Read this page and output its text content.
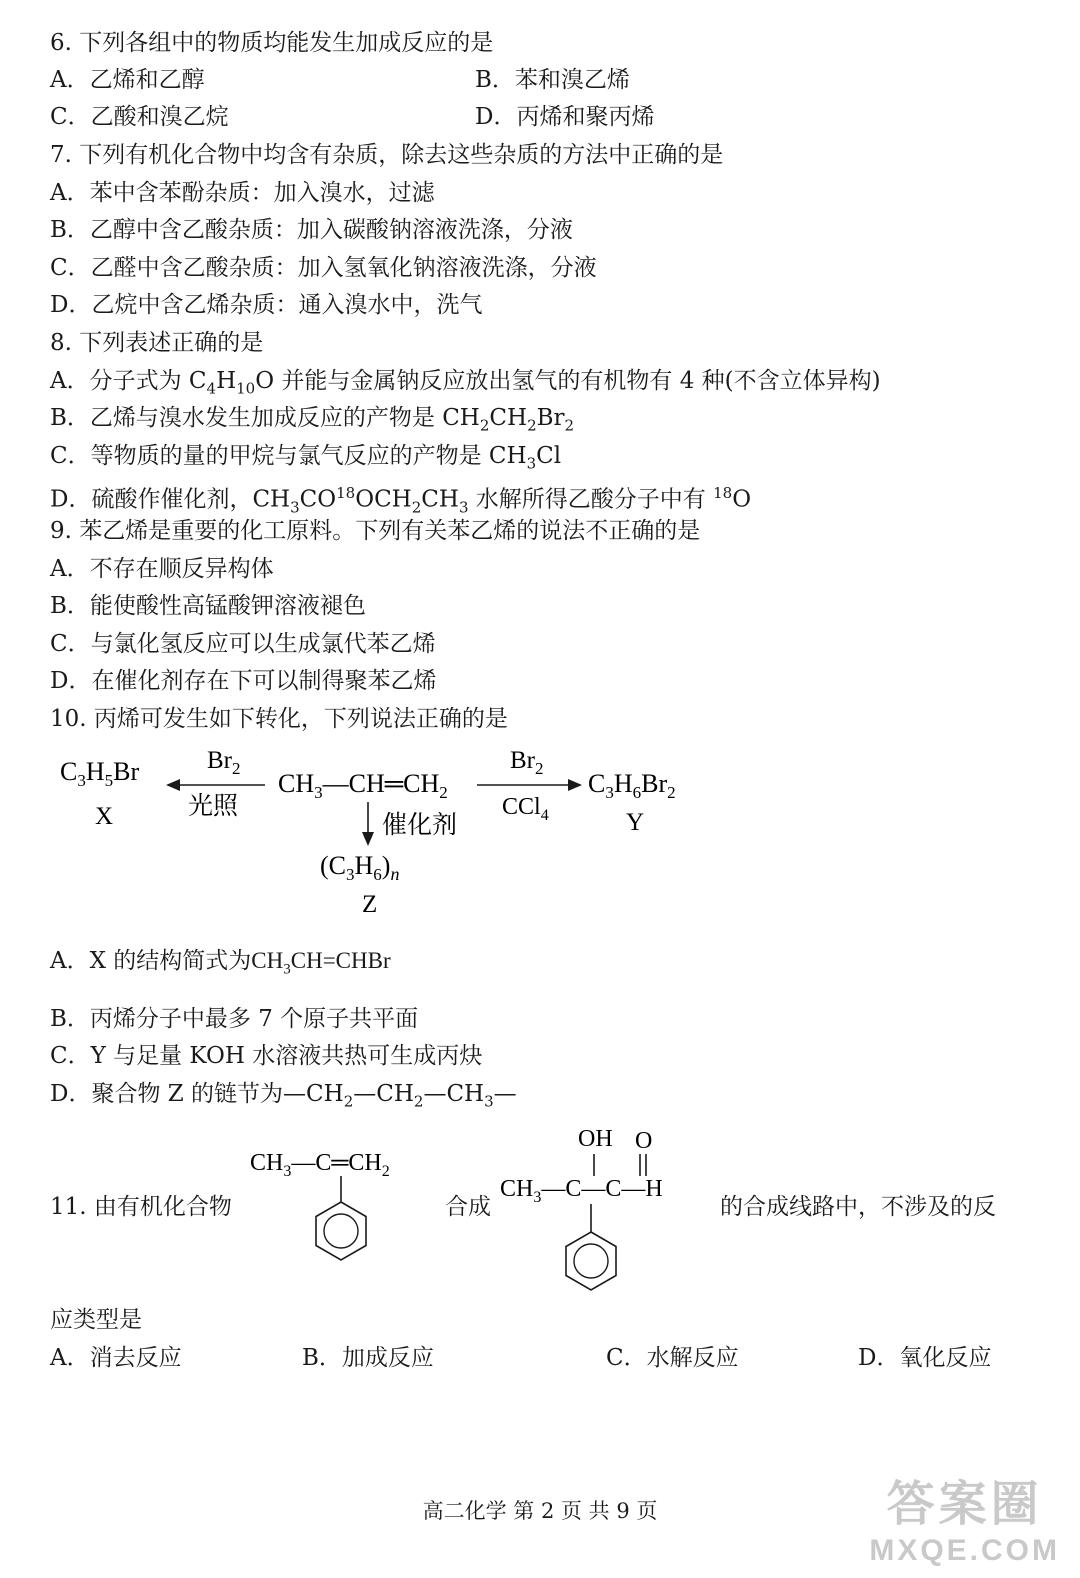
6. 下列各组中的物质均能发生加成反应的是
A．乙烯和乙醇	B．苯和溴乙烯
C．乙酸和溴乙烷	D．丙烯和聚丙烯
7. 下列有机化合物中均含有杂质，除去这些杂质的方法中正确的是
A．苯中含苯酚杂质：加入溴水，过滤
B．乙醇中含乙酸杂质：加入碳酸钠溶液洗涤，分液
C．乙醛中含乙酸杂质：加入氢氧化钠溶液洗涤，分液
D．乙烷中含乙烯杂质：通入溴水中，洗气
8. 下列表述正确的是
A．分子式为 $C_4H_{10}O$ 并能与金属钠反应放出氢气的有机物有 4 种(不含立体异构)
B．乙烯与溴水发生加成反应的产物是 $CH_2CH_2Br_2$
C．等物质的量的甲烷与氯气反应的产物是 $CH_3Cl$
D．硫酸作催化剂，$CH_3CO^{18}OCH_2CH_3$ 水解所得乙酸分子中有 $^{18}$O
9. 苯乙烯是重要的化工原料。下列有关苯乙烯的说法不正确的是
A．不存在顺反异构体
B．能使酸性高锰酸钾溶液褪色
C．与氯化氢反应可以生成氯代苯乙烯
D．在催化剂存在下可以制得聚苯乙烯
10. 丙烯可发生如下转化，下列说法正确的是
$C_3H_5Br$
X
$Br_2$
光照
$CH_3—CH═CH_2$
$Br_2$
CCl$_4$
$C_3H_6Br_2$
Y
催化剂
$(C_3H_6)_n$
Z
A．X 的结构简式为$CH_3CH=CHBr$
B．丙烯分子中最多 7 个原子共平面
C．Y 与足量 KOH 水溶液共热可生成丙炔
D．聚合物 Z 的链节为$—CH_2—CH_2—CH_3—$
11. 由有机化合物
$CH_3—C═CH_2$
合成
OH O
$CH_3—C—C—H$
的合成线路中，不涉及的反
应类型是
A．消去反应	B．加成反应	C．水解反应	D．氧化反应
高二化学 第 2 页 共 9 页	答案圈
MXQE.COM
